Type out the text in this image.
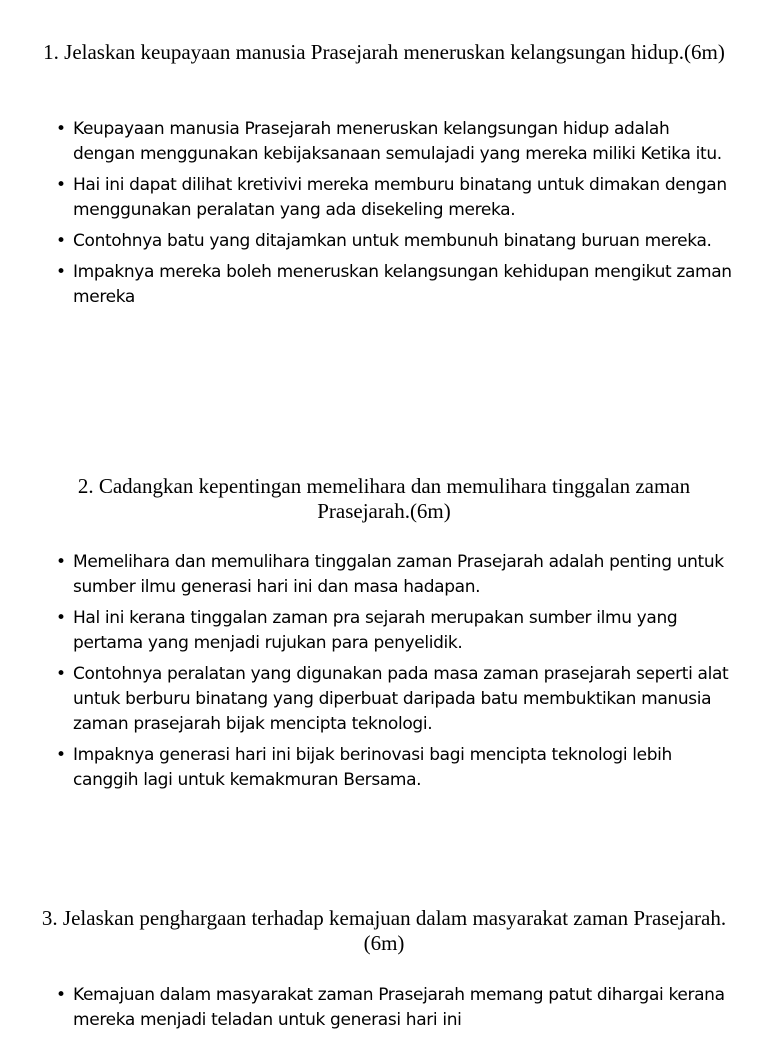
1. Jelaskan keupayaan manusia Prasejarah meneruskan kelangsungan hidup.(6m)
• Keupayaan manusia Prasejarah meneruskan kelangsungan hidup adalah dengan menggunakan kebijaksanaan semulajadi yang mereka miliki Ketika itu.
• Hai ini dapat dilihat kretivivi mereka memburu binatang untuk dimakan dengan menggunakan peralatan yang ada disekeling mereka.
• Contohnya batu yang ditajamkan untuk membunuh binatang buruan mereka.
• Impaknya mereka boleh meneruskan kelangsungan kehidupan mengikut zaman mereka
2. Cadangkan kepentingan memelihara dan memulihara tinggalan zaman Prasejarah.(6m)
• Memelihara dan memulihara tinggalan zaman Prasejarah adalah penting untuk sumber ilmu generasi hari ini dan masa hadapan.
• Hal ini kerana tinggalan zaman pra sejarah merupakan sumber ilmu yang pertama yang menjadi rujukan para penyelidik.
• Contohnya peralatan yang digunakan pada masa zaman prasejarah seperti alat untuk berburu binatang yang diperbuat daripada batu membuktikan manusia zaman prasejarah bijak mencipta teknologi.
• Impaknya generasi hari ini bijak berinovasi bagi mencipta teknologi lebih canggih lagi untuk kemakmuran Bersama.
3. Jelaskan penghargaan terhadap kemajuan dalam masyarakat zaman Prasejarah.(6m)
• Kemajuan dalam masyarakat zaman Prasejarah memang patut dihargai kerana mereka menjadi teladan untuk generasi hari ini
